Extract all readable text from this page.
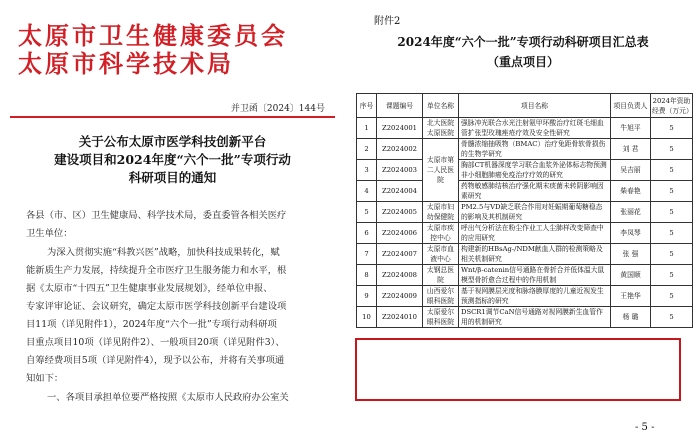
太原市卫生健康委员会
太原市科学技术局
并卫函〔2024〕144号
关于公布太原市医学科技创新平台
建设项目和2024年度“六个一批”专项行动
科研项目的通知
各县（市、区）卫生健康局、科学技术局，委直委管各相关医疗
卫生单位：
为深入贯彻实施“科教兴医”战略，加快科技成果转化，赋
能新质生产力发展，持续提升全市医疗卫生服务能力和水平，根
据《太原市“十四五”卫生健康事业发展规划》，经单位申报、
专家评审论证、会议研究，确定太原市医学科技创新平台建设项
目11项（详见附件1），2024年度“六个一批”专项行动科研项
目重点项目10项（详见附件2）、一般项目20项（详见附件3）、
自筹经费项目5项（详见附件4），现予以公布，并将有关事项通
知如下：
一、各项目承担单位要严格按照《太原市人民政府办公室关
附件2
2024年度“六个一批”专项行动科研项目汇总表
（重点项目）
序号	课题编号	单位名称	项目名称	项目负责人	2024年资助经费（万元）
1	Z2024001	北大医院太原医院	强脉冲光联合水光注射氨甲环酸治疗红斑毛细血管扩张型玫瑰痤疮疗效及安全性研究	牛旭平	5
2	Z2024002	太原市第二人民医院	骨髓浓缩抽吸物（BMAC）治疗兔距骨软骨损伤的生物学研究	刘 君	5
3	Z2024003		胸部CT机器深度学习联合血浆外泌体标志物预测非小细胞肺癌免疫治疗疗效的研究	吴吉丽	5
4	Z2024004		药物敏感肺结核治疗强化期末痰菌未转阴影响因素研究	柴春艳	5
5	Z2024005	太原市妇幼保健院	PM2.5与VD缺乏联合作用对妊娠期葡萄糖稳态的影响及其机制研究	张丽花	5
6	Z2024006	太原市疾控中心	呼出气分析法在粉尘作业工人尘肺样改变筛查中的应用研究	李凤琴	5
7	Z2024007	太原市血液中心	构建新的HBsAg-/NDM献血人群的检测策略及相关机制研究	张 强	5
8	Z2024008	太钢总医院	Wnt/β-catenin信号通路在骨折合并低体温大鼠模型骨折愈合过程中的作用机制	黄国顺	5
9	Z2024009	山西爱尔眼科医院	基于视网膜层光度和脉络膜厚度的儿童近视发生预测指标的研究	王艳华	5
10	Z2024010	太原爱尔眼科医院	DSCR1调节CaN信号通路对视网膜新生血管作用的机制研究	杨 璐	5
- 5 -
